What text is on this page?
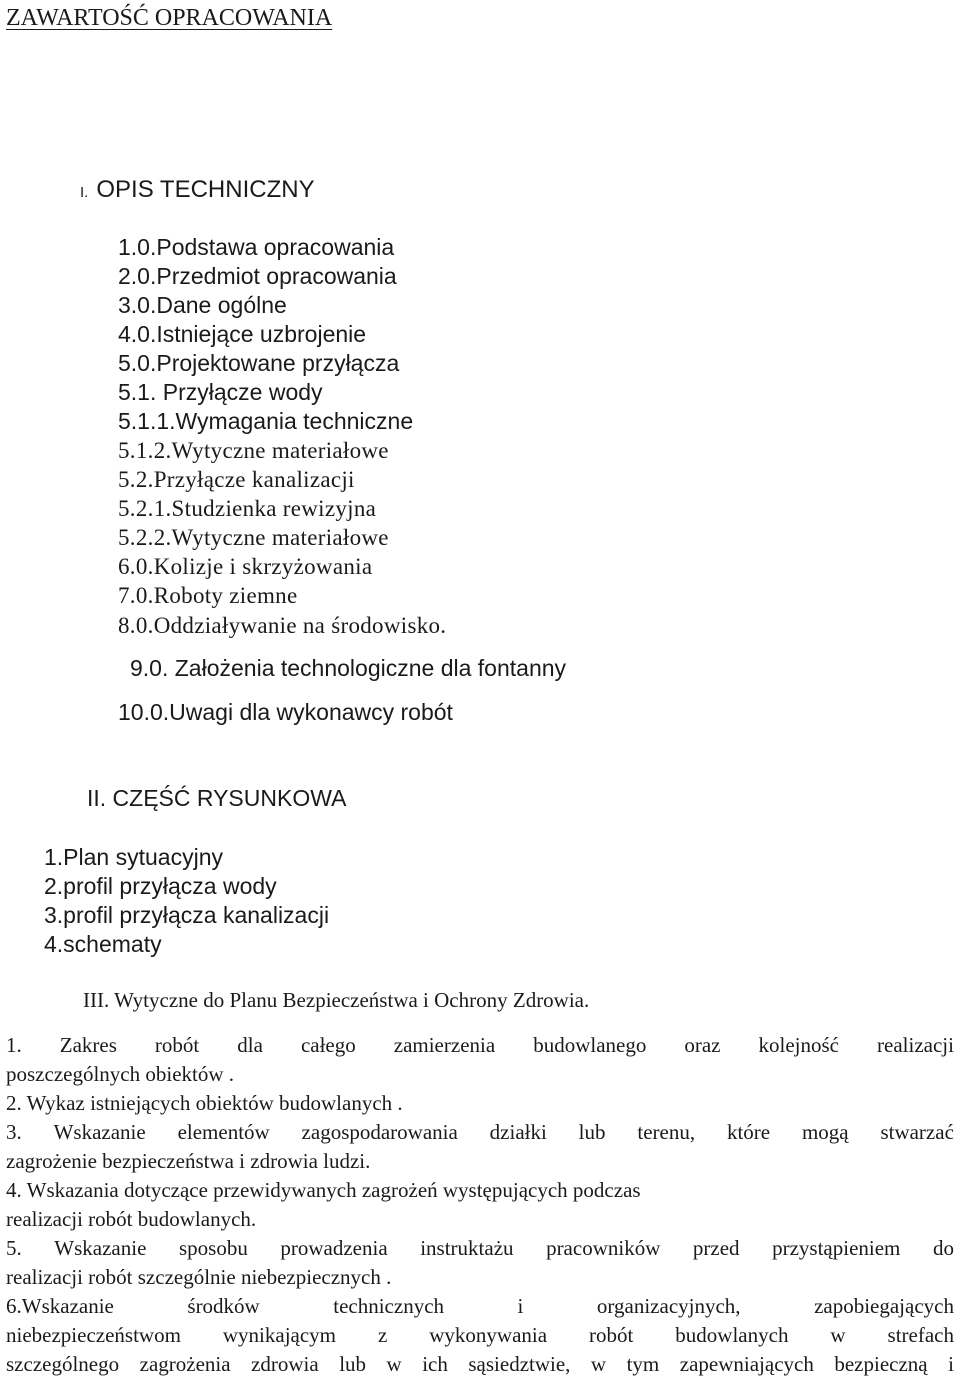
ZAWARTOŚĆ OPRACOWANIA
I. OPIS TECHNICZNY
1.0.Podstawa opracowania
2.0.Przedmiot opracowania
3.0.Dane ogólne
4.0.Istniejące uzbrojenie
5.0.Projektowane przyłącza
5.1. Przyłącze wody
5.1.1.Wymagania techniczne
5.1.2.Wytyczne materiałowe
5.2.Przyłącze kanalizacji
5.2.1.Studzienka rewizyjna
5.2.2.Wytyczne materiałowe
6.0.Kolizje i skrzyżowania
7.0.Roboty ziemne
8.0.Oddziaływanie na środowisko.
9.0. Założenia technologiczne dla fontanny
10.0.Uwagi dla wykonawcy robót
II. CZĘŚĆ RYSUNKOWA
1.Plan sytuacyjny
2.profil przyłącza wody
3.profil przyłącza kanalizacji
4.schematy
III. Wytyczne do Planu Bezpieczeństwa i Ochrony Zdrowia.
1. Zakres robót dla całego zamierzenia budowlanego oraz kolejność realizacji
poszczególnych obiektów .
2. Wykaz istniejących obiektów budowlanych .
3. Wskazanie elementów zagospodarowania działki lub terenu, które mogą stwarzać
zagrożenie bezpieczeństwa i zdrowia ludzi.
4. Wskazania dotyczące przewidywanych zagrożeń występujących podczas
realizacji robót budowlanych.
5. Wskazanie sposobu prowadzenia instruktażu pracowników przed przystąpieniem do
realizacji robót szczególnie niebezpiecznych .
6.Wskazanie	środków	technicznych	i	organizacyjnych,	zapobiegających
niebezpieczeństwom wynikającym z wykonywania robót budowlanych w strefach
szczególnego zagrożenia zdrowia lub w ich sąsiedztwie, w tym zapewniających bezpieczną i
